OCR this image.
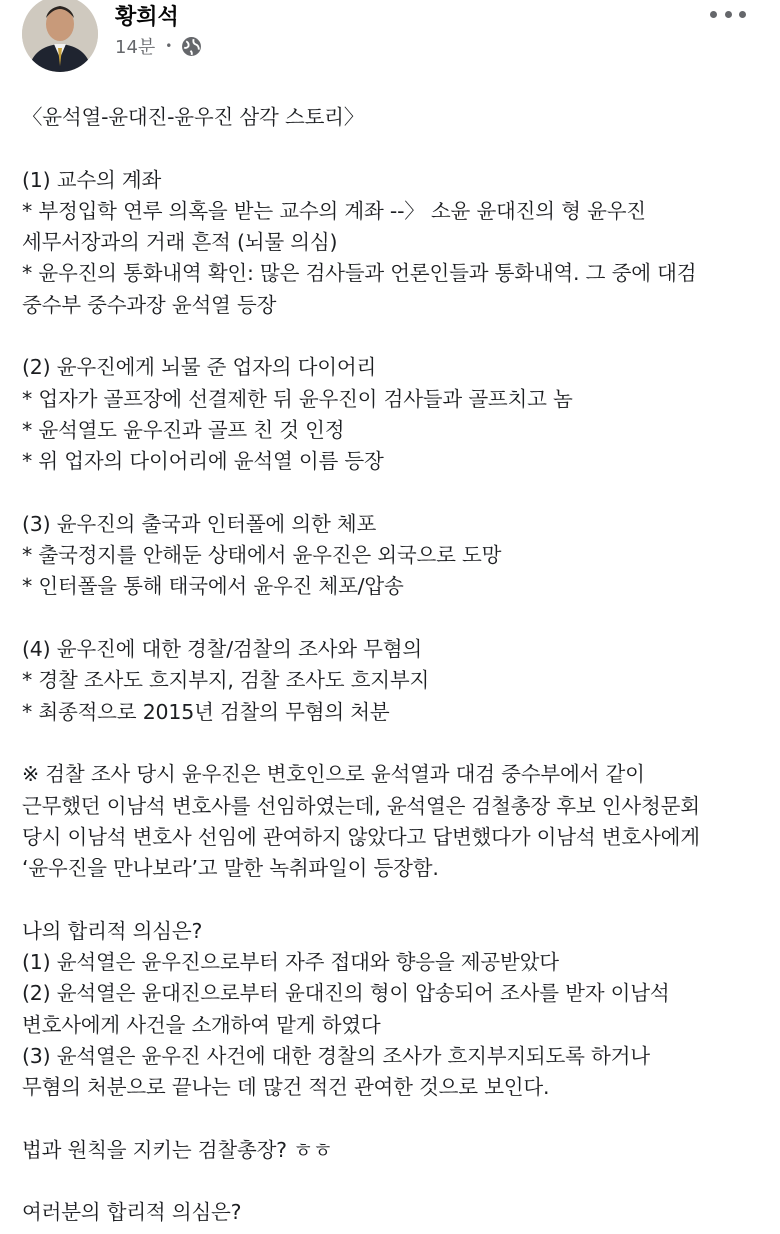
황희석
14분 •
〈윤석열-윤대진-윤우진 삼각 스토리〉
(1) 교수의 계좌
* 부정입학 연루 의혹을 받는 교수의 계좌 --〉 소윤 윤대진의 형 윤우진
세무서장과의 거래 흔적 (뇌물 의심)
* 윤우진의 통화내역 확인: 많은 검사들과 언론인들과 통화내역. 그 중에 대검
중수부 중수과장 윤석열 등장
(2) 윤우진에게 뇌물 준 업자의 다이어리
* 업자가 골프장에 선결제한 뒤 윤우진이 검사들과 골프치고 놈
* 윤석열도 윤우진과 골프 친 것 인정
* 위 업자의 다이어리에 윤석열 이름 등장
(3) 윤우진의 출국과 인터폴에 의한 체포
* 출국정지를 안해둔 상태에서 윤우진은 외국으로 도망
* 인터폴을 통해 태국에서 윤우진 체포/압송
(4) 윤우진에 대한 경찰/검찰의 조사와 무혐의
* 경찰 조사도 흐지부지, 검찰 조사도 흐지부지
* 최종적으로 2015년 검찰의 무혐의 처분
※ 검찰 조사 당시 윤우진은 변호인으로 윤석열과 대검 중수부에서 같이
근무했던 이남석 변호사를 선임하였는데, 윤석열은 검철총장 후보 인사청문회
당시 이남석 변호사 선임에 관여하지 않았다고 답변했다가 이남석 변호사에게
‘윤우진을 만나보라’고 말한 녹취파일이 등장함.
나의 합리적 의심은?
(1) 윤석열은 윤우진으로부터 자주 접대와 향응을 제공받았다
(2) 윤석열은 윤대진으로부터 윤대진의 형이 압송되어 조사를 받자 이남석
변호사에게 사건을 소개하여 맡게 하였다
(3) 윤석열은 윤우진 사건에 대한 경찰의 조사가 흐지부지되도록 하거나
무혐의 처분으로 끝나는 데 많건 적건 관여한 것으로 보인다.
법과 원칙을 지키는 검찰총장? ㅎㅎ
여러분의 합리적 의심은?
